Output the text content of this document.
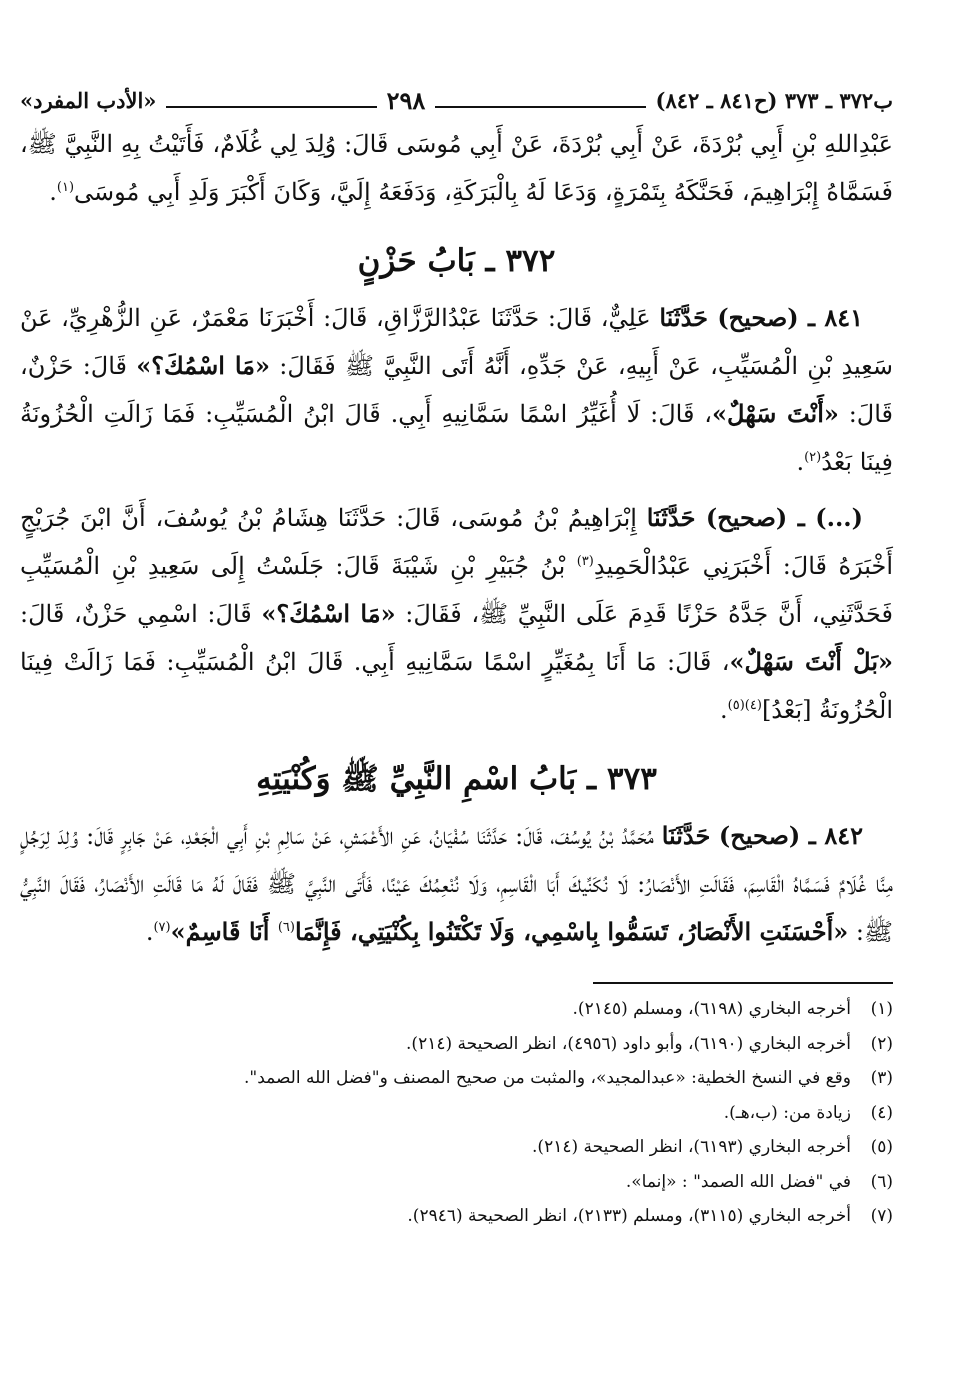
ب٣٧٢ ـ ٣٧٣ (ح٨٤١ ـ ٨٤٢)
٢٩٨
«الأدب المفرد»

عَبْدِاللهِ بْنِ أَبِي بُرْدَةَ، عَنْ أَبِي بُرْدَةَ، عَنْ أَبِي مُوسَى قَالَ: وُلِدَ لِي غُلَامٌ، فَأَتَيْتُ بِهِ النَّبِيَّ ﷺ، فَسَمَّاهُ إِبْرَاهِيمَ، فَحَنَّكَهُ بِتَمْرَةٍ، وَدَعَا لَهُ بِالْبَرَكَةِ، وَدَفَعَهُ إِلَيَّ، وَكَانَ أَكْبَرَ وَلَدِ أَبِي مُوسَى$^{(١)}$.

٣٧٢ ـ بَابُ حَزْنٍ

٨٤١ ـ (صحيح) حَدَّثَنَا عَلِيٌّ، قَالَ: حَدَّثَنَا عَبْدُالرَّزَّاقِ، قَالَ: أَخْبَرَنَا مَعْمَرٌ، عَنِ الزُّهْرِيِّ، عَنْ سَعِيدِ بْنِ الْمُسَيِّبِ، عَنْ أَبِيهِ، عَنْ جَدِّهِ، أَنَّهُ أَتَى النَّبِيَّ ﷺ فَقَالَ: «مَا اسْمُكَ؟» قَالَ: حَزْنٌ، قَالَ: «أَنْتَ سَهْلٌ»، قَالَ: لَا أُغَيِّرُ اسْمًا سَمَّانِيهِ أَبِي. قَالَ ابْنُ الْمُسَيِّبِ: فَمَا زَالَتِ الْحُزُونَةُ فِينَا بَعْدُ$^{(٢)}$.

(...) ـ (صحيح) حَدَّثَنَا إِبْرَاهِيمُ بْنُ مُوسَى، قَالَ: حَدَّثَنَا هِشَامُ بْنُ يُوسُفَ، أَنَّ ابْنَ جُرَيْجٍ أَخْبَرَهُ قَالَ: أَخْبَرَنِي عَبْدُالْحَمِيدِ$^{(٣)}$ بْنُ جُبَيْرِ بْنِ شَيْبَةَ قَالَ: جَلَسْتُ إِلَى سَعِيدِ بْنِ الْمُسَيِّبِ فَحَدَّثَنِي، أَنَّ جَدَّهُ حَزْنًا قَدِمَ عَلَى النَّبِيِّ ﷺ، فَقَالَ: «مَا اسْمُكَ؟» قَالَ: اسْمِي حَزْنٌ، قَالَ: «بَلْ أَنْتَ سَهْلٌ»، قَالَ: مَا أَنَا بِمُغَيِّرٍ اسْمًا سَمَّانِيهِ أَبِي. قَالَ ابْنُ الْمُسَيِّبِ: فَمَا زَالَتْ فِينَا الْحُزُونَةُ [بَعْدُ]$^{(٤)(٥)}$.

٣٧٣ ـ بَابُ اسْمِ النَّبِيِّ ﷺ وَكُنْيَتِهِ

٨٤٢ ـ (صحيح) حَدَّثَنَا مُحَمَّدُ بْنُ يُوسُفَ، قَالَ: حَدَّثَنَا سُفْيَانُ، عَنِ الأَعْمَشِ، عَنْ سَالِمِ بْنِ أَبِي الْجَعْدِ، عَنْ جَابِرٍ قَالَ: وُلِدَ لِرَجُلٍ مِنَّا غُلَامٌ فَسَمَّاهُ الْقَاسِمَ، فَقَالَتِ الأَنْصَارُ: لَا نُكَنِّيكَ أَبَا الْقَاسِمِ، وَلَا نُنْعِمُكَ عَيْنًا، فَأَتَى النَّبِيَّ ﷺ فَقَالَ لَهُ مَا قَالَتِ الأَنْصَارُ، فَقَالَ النَّبِيُّ ﷺ: «أَحْسَنَتِ الأَنْصَارُ، تَسَمُّوا بِاسْمِي، وَلَا تَكْتَنُوا بِكُنْيَتِي، فَإِنَّمَا$^{(٦)}$ أَنَا قَاسِمٌ»$^{(٧)}$.

(١)
أخرجه البخاري (٦١٩٨)، ومسلم (٢١٤٥).
(٢)
أخرجه البخاري (٦١٩٠)، وأبو داود (٤٩٥٦)، انظر الصحيحة (٢١٤).
(٣)
وقع في النسخ الخطية: «عبدالمجيد»، والمثبت من صحيح المصنف و"فضل الله الصمد".
(٤)
زيادة من: (ب،هـ).
(٥)
أخرجه البخاري (٦١٩٣)، انظر الصحيحة (٢١٤).
(٦)
في "فضل الله الصمد" : «إنما».
(٧)
أخرجه البخاري (٣١١٥)، ومسلم (٢١٣٣)، انظر الصحيحة (٢٩٤٦).
